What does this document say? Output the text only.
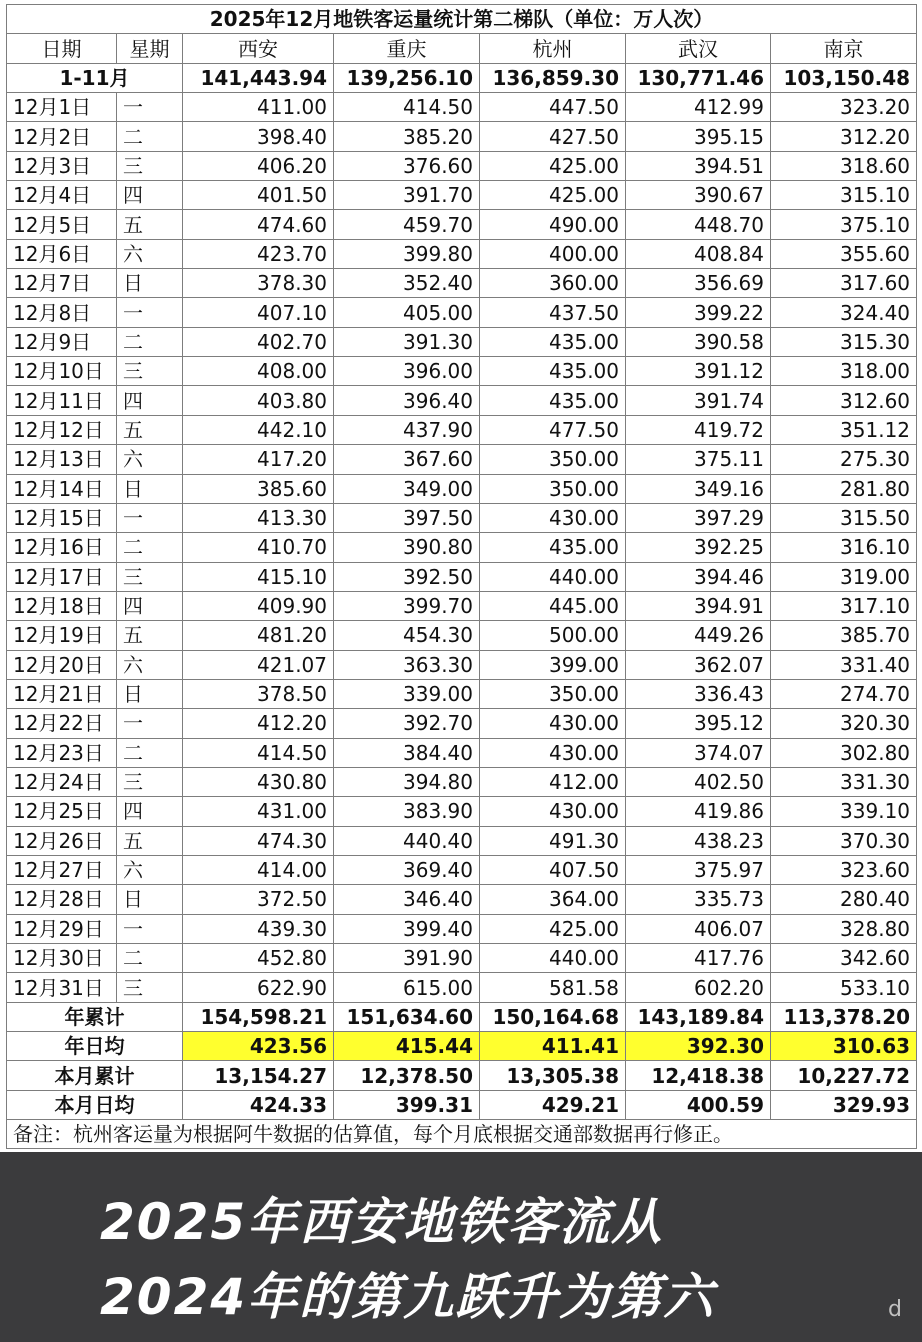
2025年12月地铁客运量统计第二梯队（单位：万人次）						
日期	星期	西安	重庆	杭州	武汉	南京
1-11月		141,443.94	139,256.10	136,859.30	130,771.46	103,150.48
12月1日	一	411.00	414.50	447.50	412.99	323.20
12月2日	二	398.40	385.20	427.50	395.15	312.20
12月3日	三	406.20	376.60	425.00	394.51	318.60
12月4日	四	401.50	391.70	425.00	390.67	315.10
12月5日	五	474.60	459.70	490.00	448.70	375.10
12月6日	六	423.70	399.80	400.00	408.84	355.60
12月7日	日	378.30	352.40	360.00	356.69	317.60
12月8日	一	407.10	405.00	437.50	399.22	324.40
12月9日	二	402.70	391.30	435.00	390.58	315.30
12月10日	三	408.00	396.00	435.00	391.12	318.00
12月11日	四	403.80	396.40	435.00	391.74	312.60
12月12日	五	442.10	437.90	477.50	419.72	351.12
12月13日	六	417.20	367.60	350.00	375.11	275.30
12月14日	日	385.60	349.00	350.00	349.16	281.80
12月15日	一	413.30	397.50	430.00	397.29	315.50
12月16日	二	410.70	390.80	435.00	392.25	316.10
12月17日	三	415.10	392.50	440.00	394.46	319.00
12月18日	四	409.90	399.70	445.00	394.91	317.10
12月19日	五	481.20	454.30	500.00	449.26	385.70
12月20日	六	421.07	363.30	399.00	362.07	331.40
12月21日	日	378.50	339.00	350.00	336.43	274.70
12月22日	一	412.20	392.70	430.00	395.12	320.30
12月23日	二	414.50	384.40	430.00	374.07	302.80
12月24日	三	430.80	394.80	412.00	402.50	331.30
12月25日	四	431.00	383.90	430.00	419.86	339.10
12月26日	五	474.30	440.40	491.30	438.23	370.30
12月27日	六	414.00	369.40	407.50	375.97	323.60
12月28日	日	372.50	346.40	364.00	335.73	280.40
12月29日	一	439.30	399.40	425.00	406.07	328.80
12月30日	二	452.80	391.90	440.00	417.76	342.60
12月31日	三	622.90	615.00	581.58	602.20	533.10
年累计		154,598.21	151,634.60	150,164.68	143,189.84	113,378.20
年日均		423.56	415.44	411.41	392.30	310.63
本月累计		13,154.27	12,378.50	13,305.38	12,418.38	10,227.72
本月日均		424.33	399.31	429.21	400.59	329.93
备注：杭州客运量为根据阿牛数据的估算值，每个月底根据交通部数据再行修正。						
2025年西安地铁客流从
2024年的第九跃升为第六	d
